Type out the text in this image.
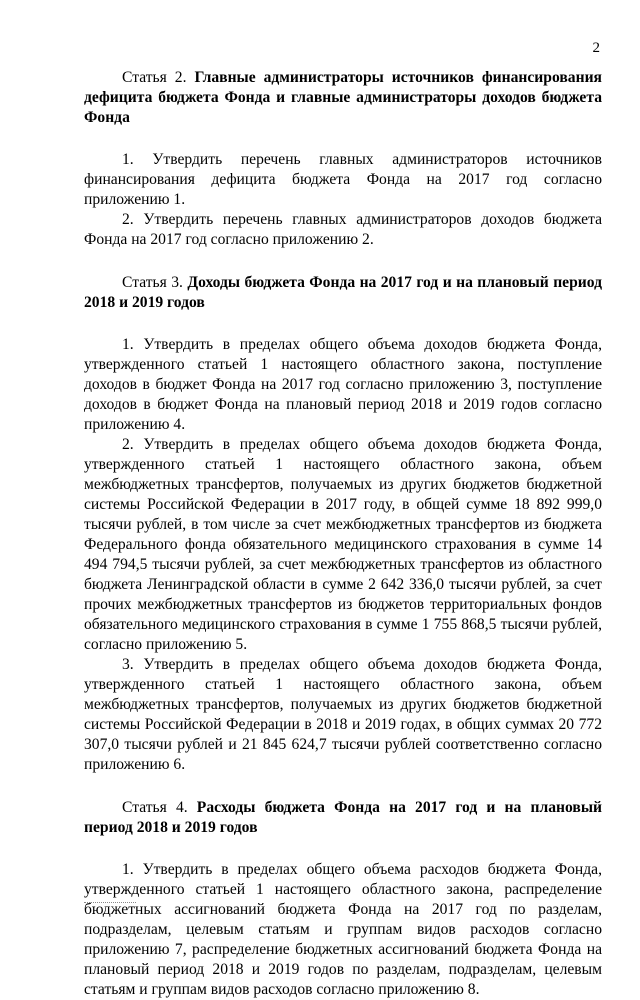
2

Статья 2. Главные администраторы источников финансирования дефицита бюджета Фонда и главные администраторы доходов бюджета Фонда

1. Утвердить перечень главных администраторов источников финансирования дефицита бюджета Фонда на 2017 год согласно приложению 1.

2. Утвердить перечень главных администраторов доходов бюджета Фонда на 2017 год согласно приложению 2.

Статья 3. Доходы бюджета Фонда на 2017 год и на плановый период 2018 и 2019 годов

1. Утвердить в пределах общего объема доходов бюджета Фонда, утвержденного статьей 1 настоящего областного закона, поступление доходов в бюджет Фонда на 2017 год согласно приложению 3, поступление доходов в бюджет Фонда на плановый период 2018 и 2019 годов согласно приложению 4.

2. Утвердить в пределах общего объема доходов бюджета Фонда, утвержденного статьей 1 настоящего областного закона, объем межбюджетных трансфертов, получаемых из других бюджетов бюджетной системы Российской Федерации в 2017 году, в общей сумме 18 892 999,0 тысячи рублей, в том числе за счет межбюджетных трансфертов из бюджета Федерального фонда обязательного медицинского страхования в сумме 14 494 794,5 тысячи рублей, за счет межбюджетных трансфертов из областного бюджета Ленинградской области в сумме 2 642 336,0 тысячи рублей, за счет прочих межбюджетных трансфертов из бюджетов территориальных фондов обязательного медицинского страхования в сумме 1 755 868,5 тысячи рублей, согласно приложению 5.

3. Утвердить в пределах общего объема доходов бюджета Фонда, утвержденного статьей 1 настоящего областного закона, объем межбюджетных трансфертов, получаемых из других бюджетов бюджетной системы Российской Федерации в 2018 и 2019 годах, в общих суммах 20 772 307,0 тысячи рублей и 21 845 624,7 тысячи рублей соответственно согласно приложению 6.

Статья 4. Расходы бюджета Фонда на 2017 год и на плановый период 2018 и 2019 годов

1. Утвердить в пределах общего объема расходов бюджета Фонда, утвержденного статьей 1 настоящего областного закона, распределение бюджетных ассигнований бюджета Фонда на 2017 год по разделам, подразделам, целевым статьям и группам видов расходов согласно приложению 7, распределение бюджетных ассигнований бюджета Фонда на плановый период 2018 и 2019 годов по разделам, подразделам, целевым статьям и группам видов расходов согласно приложению 8.
